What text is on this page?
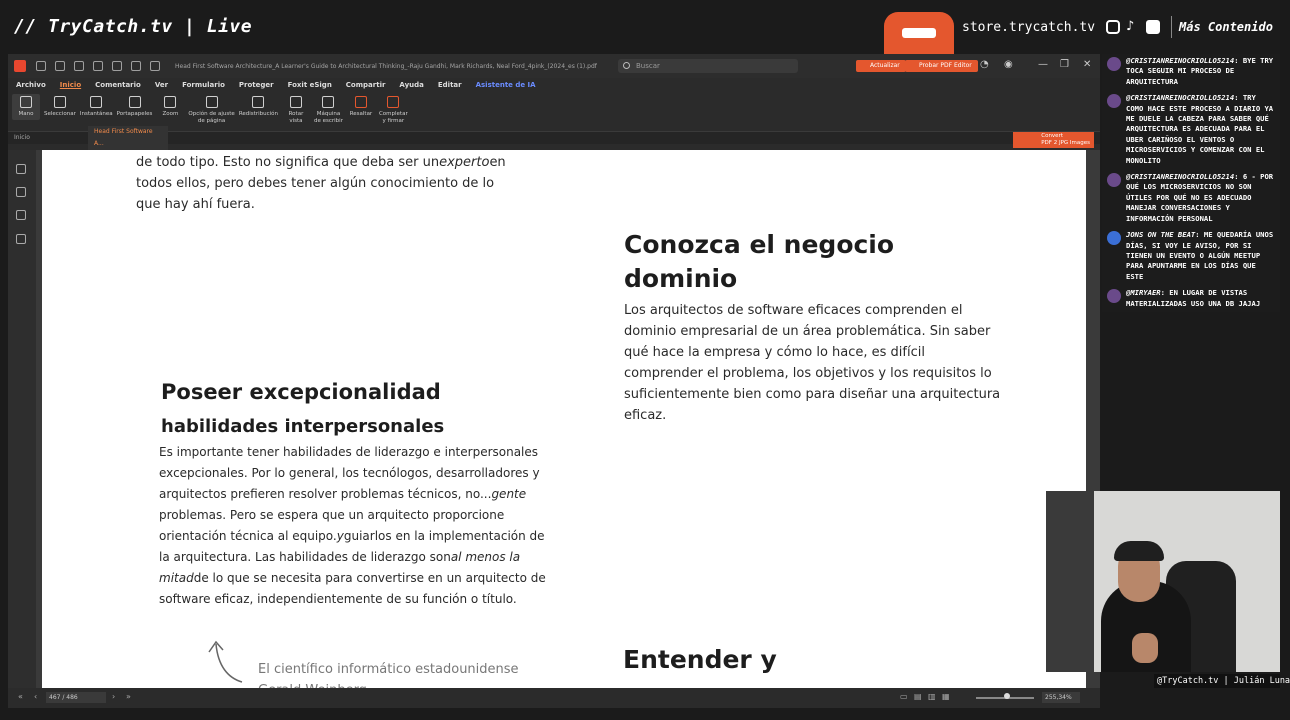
// TryCatch.tv | Live	store.trycatch.tv ♪	Más Contenido
Head First Software Architecture_A Learner's Guide to Architectural Thinking_-Raju Gandhi, Mark Richards, Neal Ford_4pink_(2024_es (1).pdf	Buscar	Actualizar	Probar PDF Editor ◔ ◉	— ❐ ✕
Archivo Inicio Comentario Ver Formulario Proteger Foxit eSign Compartir Ayuda Editar Asistente de IA
Mano Seleccionar Instantánea Portapapeles Zoom Opción de ajuste
de página
Redistribución Rotar
vista
Máquina
de escribir
Resaltar Completar
y firmar
Inicio
Head First Software A...
Convert
PDF 2 JPG Images
de todo tipo. Esto no significa que deba ser unexpertoen
todos ellos, pero debes tener algún conocimiento de lo
que hay ahí fuera.
Conozca el negocio
dominio
Los arquitectos de software eficaces comprenden el
dominio empresarial de un área problemática. Sin saber
qué hace la empresa y cómo lo hace, es difícil
comprender el problema, los objetivos y los requisitos lo
suficientemente bien como para diseñar una arquitectura
eficaz.
Poseer excepcionalidad
habilidades interpersonales
Es importante tener habilidades de liderazgo e interpersonales
excepcionales. Por lo general, los tecnólogos, desarrolladores y
arquitectos prefieren resolver problemas técnicos, no...gente
problemas. Pero se espera que un arquitecto proporcione
orientación técnica al equipo.yguiarlos en la implementación de
la arquitectura. Las habilidades de liderazgo sonal menos la
mitadde lo que se necesita para convertirse en un arquitecto de
software eficaz, independientemente de su función o título.
El científico informático estadounidense	Entender y
« ‹	467 / 486	› »	▭ ▤ ▥ ▦	255,34%
@CRISTIANREINOCRIOLLO5214: BYE TRY TOCA SEGUIR MI PROCESO DE ARQUITECTURA
@CRISTIANREINOCRIOLLO5214: TRY COMO HACE ESTE PROCESO A DIARIO YA ME DUELE LA CABEZA PARA SABER QUÉ ARQUITECTURA ES ADECUADA PARA EL UBER CARIÑOSO EL VENTOS O MICROSERVICIOS Y COMENZAR CON EL MONOLITO
@CRISTIANREINOCRIOLLO5214: 6 - POR QUÉ LOS MICROSERVICIOS NO SON ÚTILES POR QUÉ NO ES ADECUADO MANEJAR CONVERSACIONES Y INFORMACIÓN PERSONAL
JONS ON THE BEAT: ME QUEDARÍA UNOS DÍAS, SI VOY LE AVISO, POR SI TIENEN UN EVENTO O ALGÚN MEETUP PARA APUNTARME EN LOS DÍAS QUE ESTE
@MIRYAER: EN LUGAR DE VISTAS MATERIALIZADAS USO UNA DB JAJAJ
@TryCatch.tv | Julián Luna
